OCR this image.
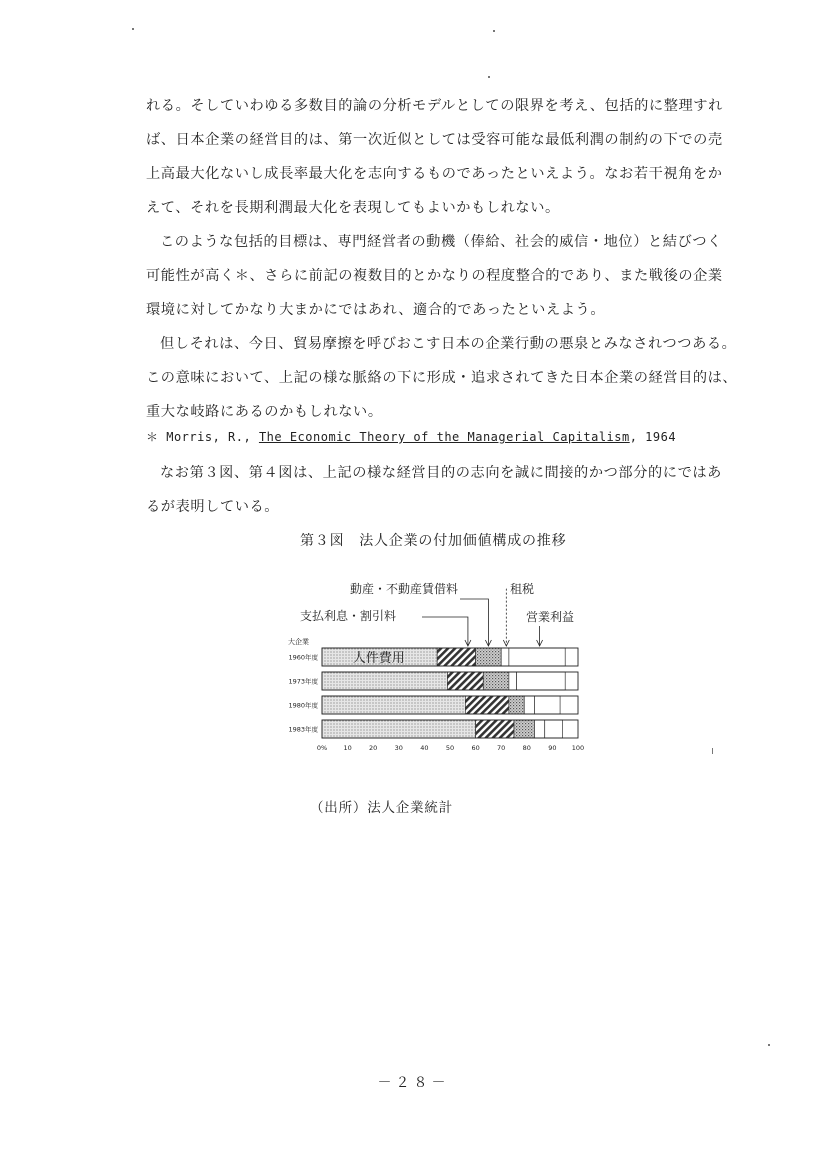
れる。そしていわゆる多数目的論の分析モデルとしての限界を考え、包括的に整理すれ
ば、日本企業の経営目的は、第一次近似としては受容可能な最低利潤の制約の下での売
上高最大化ないし成長率最大化を志向するものであったといえよう。なお若干視角をか
えて、それを長期利潤最大化を表現してもよいかもしれない。

このような包括的目標は、専門経営者の動機（俸給、社会的威信・地位）と結びつく
可能性が高く＊、さらに前記の複数目的とかなりの程度整合的であり、また戦後の企業
環境に対してかなり大まかにではあれ、適合的であったといえよう。

但しそれは、今日、貿易摩擦を呼びおこす日本の企業行動の悪泉とみなされつつある。
この意味において、上記の様な脈絡の下に形成・追求されてきた日本企業の経営目的は、
重大な岐路にあるのかもしれない。

＊ Morris, R., The Economic Theory of the Managerial Capitalism, 1964

なお第３図、第４図は、上記の様な経営目的の志向を誠に間接的かつ部分的にではあ
るが表明している。

第３図　法人企業の付加価値構成の推移
支払利息・割引料
動産・不動産賃借料	租税
営業利益
人件費用
大企業
1960年度
1973年度
1980年度
1983年度
0%	10	20	30	40	50	60	70	80	90 100
（出所）法人企業統計
－２８－
